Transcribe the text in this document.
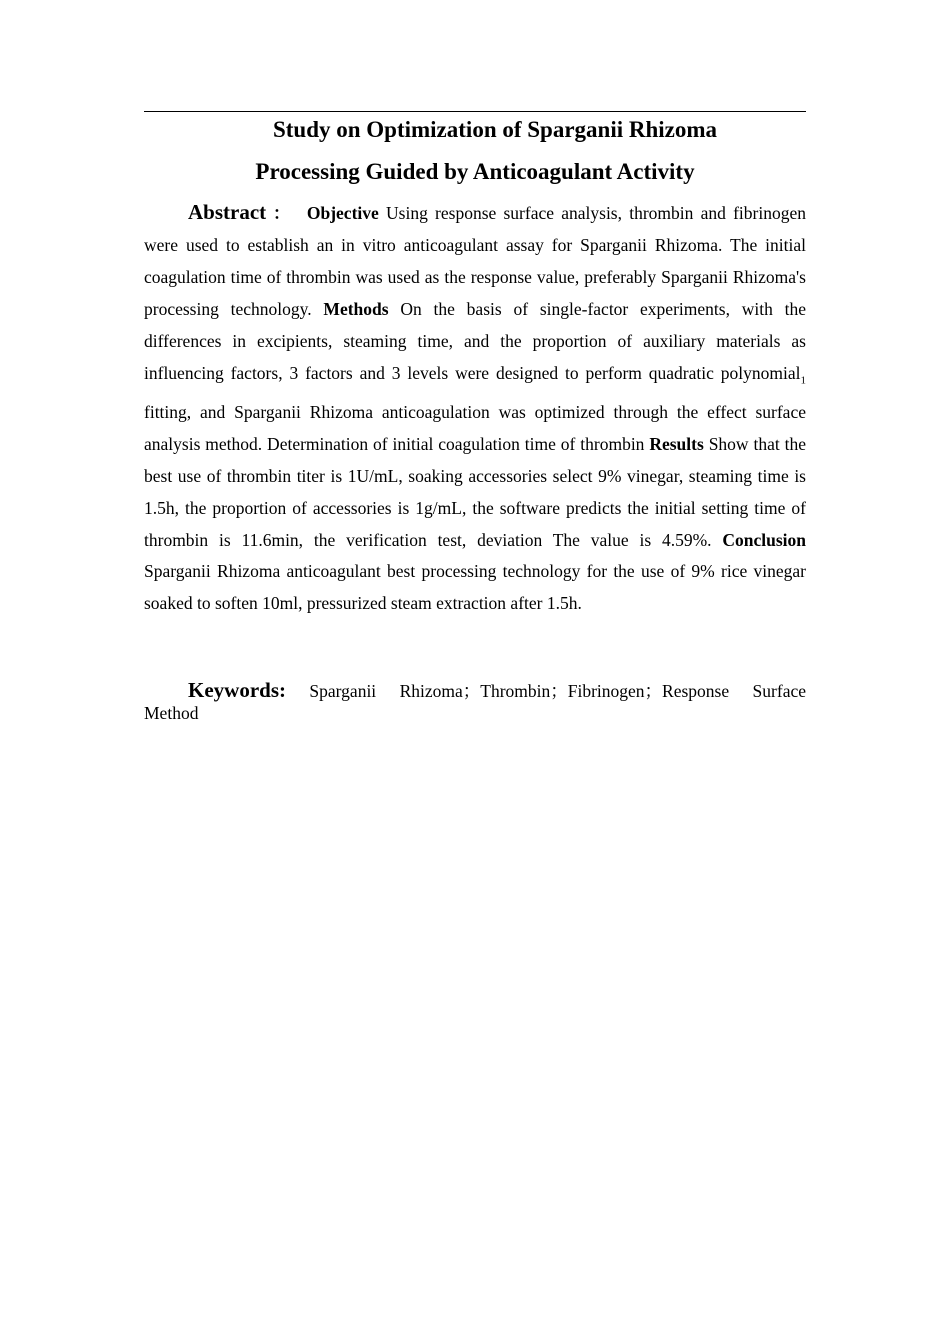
Study on Optimization of Sparganii Rhizoma
Processing Guided by Anticoagulant Activity

Abstract ： Objective Using response surface analysis, thrombin and fibrinogen were used to establish an in vitro anticoagulant assay for Sparganii Rhizoma. The initial coagulation time of thrombin was used as the response value, preferably Sparganii Rhizoma's processing technology. Methods On the basis of single-factor experiments, with the differences in excipients, steaming time, and the proportion of auxiliary materials as influencing factors, 3 factors and 3 levels were designed to perform quadratic polynomial$_1$ fitting, and Sparganii Rhizoma anticoagulation was optimized through the effect surface analysis method. Determination of initial coagulation time of thrombin Results Show that the best use of thrombin titer is 1U/mL, soaking accessories select 9% vinegar, steaming time is 1.5h, the proportion of accessories is 1g/mL, the software predicts the initial setting time of thrombin is 11.6min, the verification test, deviation The value is 4.59%. Conclusion Sparganii Rhizoma anticoagulant best processing technology for the use of 9% rice vinegar soaked to soften 10ml, pressurized steam extraction after 1.5h.

Keywords: Sparganii Rhizoma；Thrombin；Fibrinogen；Response Surface Method
